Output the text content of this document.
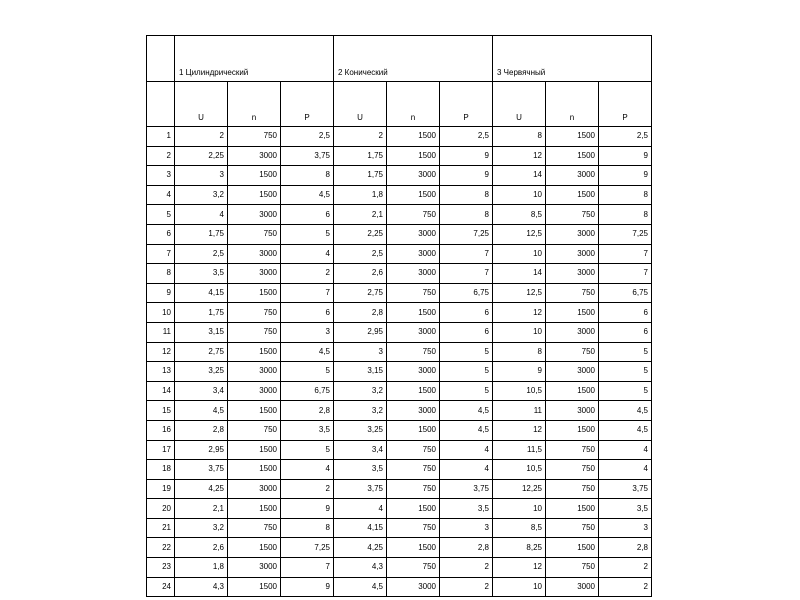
	1 Цилиндрический			2 Конический			3 Червячный		
	U	n	P	U	n	P	U	n	P
1	2	750	2,5	2	1500	2,5	8	1500	2,5
2	2,25	3000	3,75	1,75	1500	9	12	1500	9
3	3	1500	8	1,75	3000	9	14	3000	9
4	3,2	1500	4,5	1,8	1500	8	10	1500	8
5	4	3000	6	2,1	750	8	8,5	750	8
6	1,75	750	5	2,25	3000	7,25	12,5	3000	7,25
7	2,5	3000	4	2,5	3000	7	10	3000	7
8	3,5	3000	2	2,6	3000	7	14	3000	7
9	4,15	1500	7	2,75	750	6,75	12,5	750	6,75
10	1,75	750	6	2,8	1500	6	12	1500	6
11	3,15	750	3	2,95	3000	6	10	3000	6
12	2,75	1500	4,5	3	750	5	8	750	5
13	3,25	3000	5	3,15	3000	5	9	3000	5
14	3,4	3000	6,75	3,2	1500	5	10,5	1500	5
15	4,5	1500	2,8	3,2	3000	4,5	11	3000	4,5
16	2,8	750	3,5	3,25	1500	4,5	12	1500	4,5
17	2,95	1500	5	3,4	750	4	11,5	750	4
18	3,75	1500	4	3,5	750	4	10,5	750	4
19	4,25	3000	2	3,75	750	3,75	12,25	750	3,75
20	2,1	1500	9	4	1500	3,5	10	1500	3,5
21	3,2	750	8	4,15	750	3	8,5	750	3
22	2,6	1500	7,25	4,25	1500	2,8	8,25	1500	2,8
23	1,8	3000	7	4,3	750	2	12	750	2
24	4,3	1500	9	4,5	3000	2	10	3000	2
